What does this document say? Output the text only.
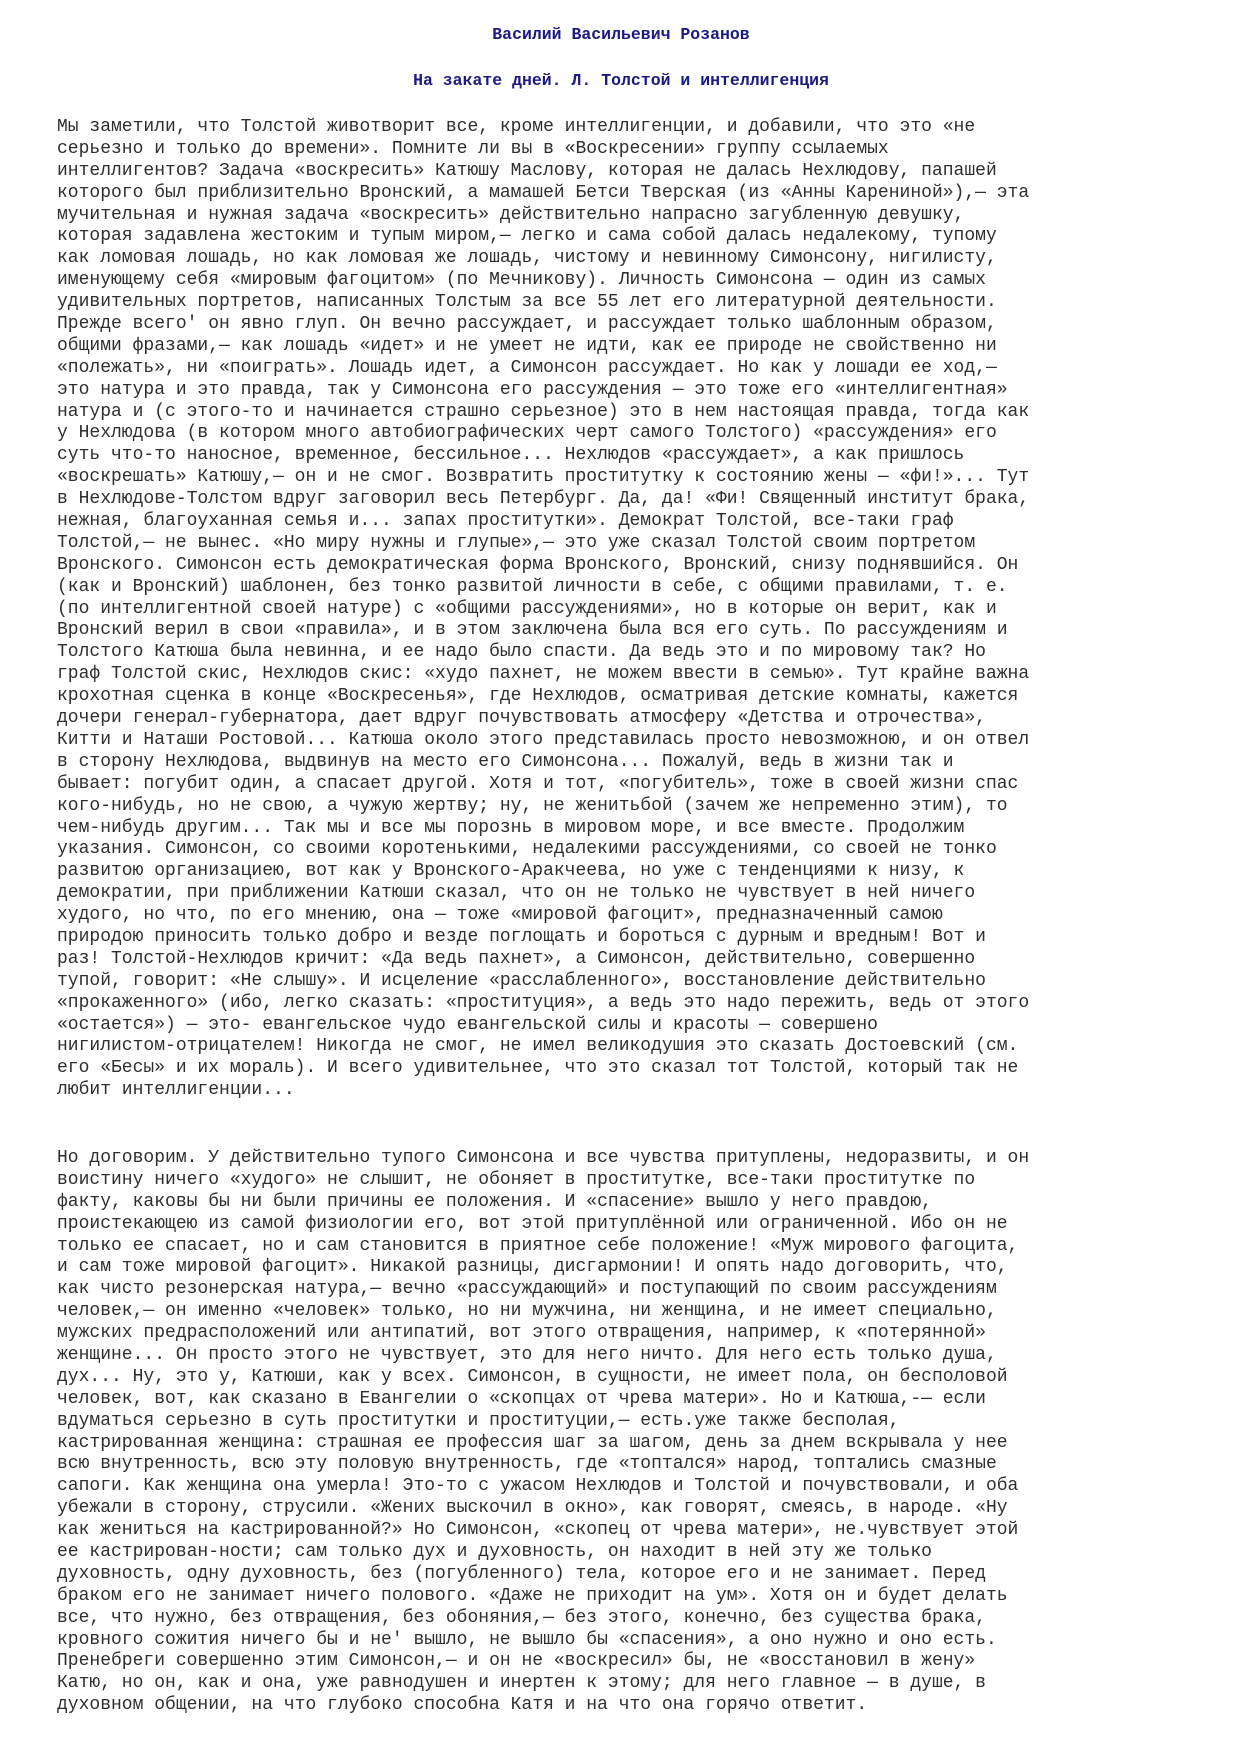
Василий Васильевич Розанов
На закате дней. Л. Толстой и интеллигенция

Мы заметили, что Толстой животворит все, кроме интеллигенции, и добавили, что это «не
серьезно и только до времени». Помните ли вы в «Воскресении» группу ссылаемых
интеллигентов? Задача «воскресить» Катюшу Маслову, которая не далась Нехлюдову, папашей
которого был приблизительно Вронский, а мамашей Бетси Тверская (из «Анны Карениной»),— эта
мучительная и нужная задача «воскресить» действительно напрасно загубленную девушку,
которая задавлена жестоким и тупым миром,— легко и сама собой далась недалекому, тупому
как ломовая лошадь, но как ломовая же лошадь, чистому и невинному Симонсону, нигилисту,
именующему себя «мировым фагоцитом» (по Мечникову). Личность Симонсона — один из самых
удивительных портретов, написанных Толстым за все 55 лет его литературной деятельности.
Прежде всего' он явно глуп. Он вечно рассуждает, и рассуждает только шаблонным образом,
общими фразами,— как лошадь «идет» и не умеет не идти, как ее природе не свойственно ни
«полежать», ни «поиграть». Лошадь идет, а Симонсон рассуждает. Но как у лошади ее ход,—
это натура и это правда, так у Симонсона его рассуждения — это тоже его «интеллигентная»
натура и (с этого-то и начинается страшно серьезное) это в нем настоящая правда, тогда как
у Нехлюдова (в котором много автобиографических черт самого Толстого) «рассуждения» его
суть что-то наносное, временное, бессильное... Нехлюдов «рассуждает», а как пришлось
«воскрешать» Катюшу,— он и не смог. Возвратить проститутку к состоянию жены — «фи!»... Тут
в Нехлюдове-Толстом вдруг заговорил весь Петербург. Да, да! «Фи! Священный институт брака,
нежная, благоуханная семья и... запах проститутки». Демократ Толстой, все-таки граф
Толстой,— не вынес. «Но миру нужны и глупые»,— это уже сказал Толстой своим портретом
Вронского. Симонсон есть демократическая форма Вронского, Вронский, снизу поднявшийся. Он
(как и Вронский) шаблонен, без тонко развитой личности в себе, с общими правилами, т. е.
(по интеллигентной своей натуре) с «общими рассуждениями», но в которые он верит, как и
Вронский верил в свои «правила», и в этом заключена была вся его суть. По рассуждениям и
Толстого Катюша была невинна, и ее надо было спасти. Да ведь это и по мировому так? Но
граф Толстой скис, Нехлюдов скис: «худо пахнет, не можем ввести в семью». Тут крайне важна
крохотная сценка в конце «Воскресенья», где Нехлюдов, осматривая детские комнаты, кажется
дочери генерал-губернатора, дает вдруг почувствовать атмосферу «Детства и отрочества»,
Китти и Наташи Ростовой... Катюша около этого представилась просто невозможною, и он отвел
в сторону Нехлюдова, выдвинув на место его Симонсона... Пожалуй, ведь в жизни так и
бывает: погубит один, а спасает другой. Хотя и тот, «погубитель», тоже в своей жизни спас
кого-нибудь, но не свою, а чужую жертву; ну, не женитьбой (зачем же непременно этим), то
чем-нибудь другим... Так мы и все мы порознь в мировом море, и все вместе. Продолжим
указания. Симонсон, со своими коротенькими, недалекими рассуждениями, со своей не тонко
развитою организациею, вот как у Вронского-Аракчеева, но уже с тенденциями к низу, к
демократии, при приближении Катюши сказал, что он не только не чувствует в ней ничего
худого, но что, по его мнению, она — тоже «мировой фагоцит», предназначенный самою
природою приносить только добро и везде поглощать и бороться с дурным и вредным! Вот и
раз! Толстой-Нехлюдов кричит: «Да ведь пахнет», а Симонсон, действительно, совершенно
тупой, говорит: «Не слышу». И исцеление «расслабленного», восстановление действительно
«прокаженного» (ибо, легко сказать: «проституция», а ведь это надо пережить, ведь от этого
«остается») — это- евангельское чудо евангельской силы и красоты — совершено
нигилистом-отрицателем! Никогда не смог, не имел великодушия это сказать Достоевский (см.
его «Бесы» и их мораль). И всего удивительнее, что это сказал тот Толстой, который так не
любит интеллигенции...

Но договорим. У действительно тупого Симонсона и все чувства притуплены, недоразвиты, и он
воистину ничего «худого» не слышит, не обоняет в проститутке, все-таки проститутке по
факту, каковы бы ни были причины ее положения. И «спасение» вышло у него правдою,
проистекающею из самой физиологии его, вот этой притуплённой или ограниченной. Ибо он не
только ее спасает, но и сам становится в приятное себе положение! «Муж мирового фагоцита,
и сам тоже мировой фагоцит». Никакой разницы, дисгармонии! И опять надо договорить, что,
как чисто резонерская натура,— вечно «рассуждающий» и поступающий по своим рассуждениям
человек,— он именно «человек» только, но ни мужчина, ни женщина, и не имеет специально,
мужских предрасположений или антипатий, вот этого отвращения, например, к «потерянной»
женщине... Он просто этого не чувствует, это для него ничто. Для него есть только душа,
дух... Ну, это у, Катюши, как у всех. Симонсон, в сущности, не имеет пола, он бесполовой
человек, вот, как сказано в Евангелии о «скопцах от чрева матери». Но и Катюша,-— если
вдуматься серьезно в суть проститутки и проституции,— есть.уже также бесполая,
кастрированная женщина: страшная ее профессия шаг за шагом, день за днем вскрывала у нее
всю внутренность, всю эту половую внутренность, где «топтался» народ, топтались смазные
сапоги. Как женщина она умерла! Это-то с ужасом Нехлюдов и Толстой и почувствовали, и оба
убежали в сторону, струсили. «Жених выскочил в окно», как говорят, смеясь, в народе. «Ну
как жениться на кастрированной?» Но Симонсон, «скопец от чрева матери», не.чувствует этой
ее кастрирован-ности; сам только дух и духовность, он находит в ней эту же только
духовность, одну духовность, без (погубленного) тела, которое его и не занимает. Перед
браком его не занимает ничего полового. «Даже не приходит на ум». Хотя он и будет делать
все, что нужно, без отвращения, без обоняния,— без этого, конечно, без существа брака,
кровного сожития ничего бы и не' вышло, не вышло бы «спасения», а оно нужно и оно есть.
Пренебреги совершенно этим Симонсон,— и он не «воскресил» бы, не «восстановил в жену»
Катю, но он, как и она, уже равнодушен и инертен к этому; для него главное — в душе, в
духовном общении, на что глубоко способна Катя и на что она горячо ответит.
